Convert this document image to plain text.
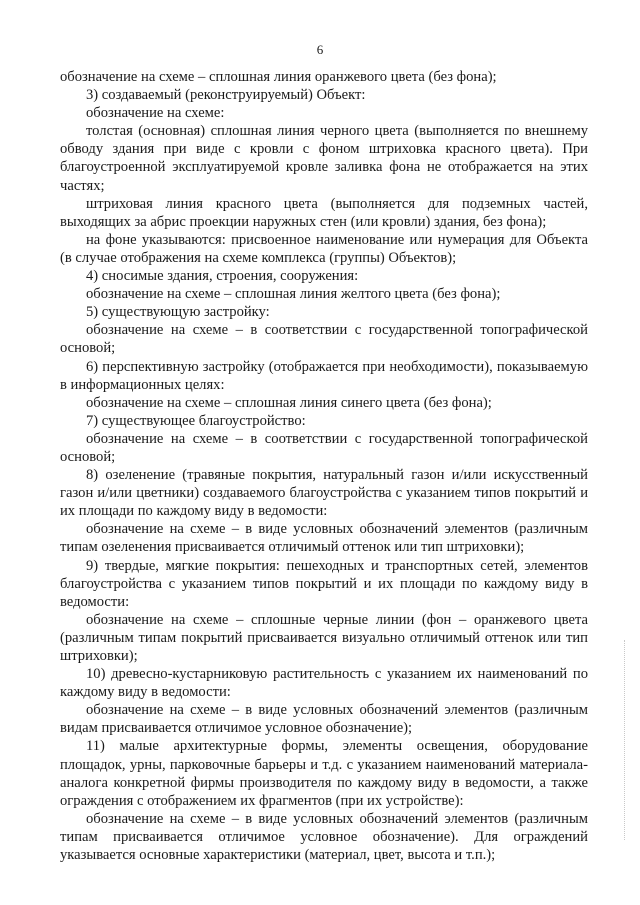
6

обозначение на схеме – сплошная линия оранжевого цвета (без фона);

3) создаваемый (реконструируемый) Объект:

обозначение на схеме:

толстая (основная) сплошная линия черного цвета (выполняется по внешнему обводу здания при виде с кровли с фоном штриховка красного цвета). При благоустроенной эксплуатируемой кровле заливка фона не отображается на этих частях;

штриховая линия красного цвета (выполняется для подземных частей, выходящих за абрис проекции наружных стен (или кровли) здания, без фона);

на фоне указываются: присвоенное наименование или нумерация для Объекта (в случае отображения на схеме комплекса (группы) Объектов);

4) сносимые здания, строения, сооружения:

обозначение на схеме – сплошная линия желтого цвета (без фона);

5) существующую застройку:

обозначение на схеме – в соответствии с государственной топографической основой;

6) перспективную застройку (отображается при необходимости), показываемую в информационных целях:

обозначение на схеме – сплошная линия синего цвета (без фона);

7) существующее благоустройство:

обозначение на схеме – в соответствии с государственной топографической основой;

8) озеленение (травяные покрытия, натуральный газон и/или искусственный газон и/или цветники) создаваемого благоустройства с указанием типов покрытий и их площади по каждому виду в ведомости:

обозначение на схеме – в виде условных обозначений элементов (различным типам озеленения присваивается отличимый оттенок или тип штриховки);

9) твердые, мягкие покрытия: пешеходных и транспортных сетей, элементов благоустройства с указанием типов покрытий и их площади по каждому виду в ведомости:

обозначение на схеме – сплошные черные линии (фон – оранжевого цвета (различным типам покрытий присваивается визуально отличимый оттенок или тип штриховки);

10) древесно-кустарниковую растительность с указанием их наименований по каждому виду в ведомости:

обозначение на схеме – в виде условных обозначений элементов (различным видам присваивается отличимое условное обозначение);

11) малые архитектурные формы, элементы освещения, оборудование площадок, урны, парковочные барьеры и т.д. с указанием наименований материала-аналога конкретной фирмы производителя по каждому виду в ведомости, а также ограждения с отображением их фрагментов (при их устройстве):

обозначение на схеме – в виде условных обозначений элементов (различным типам присваивается отличимое условное обозначение). Для ограждений указывается основные характеристики (материал, цвет, высота и т.п.);
